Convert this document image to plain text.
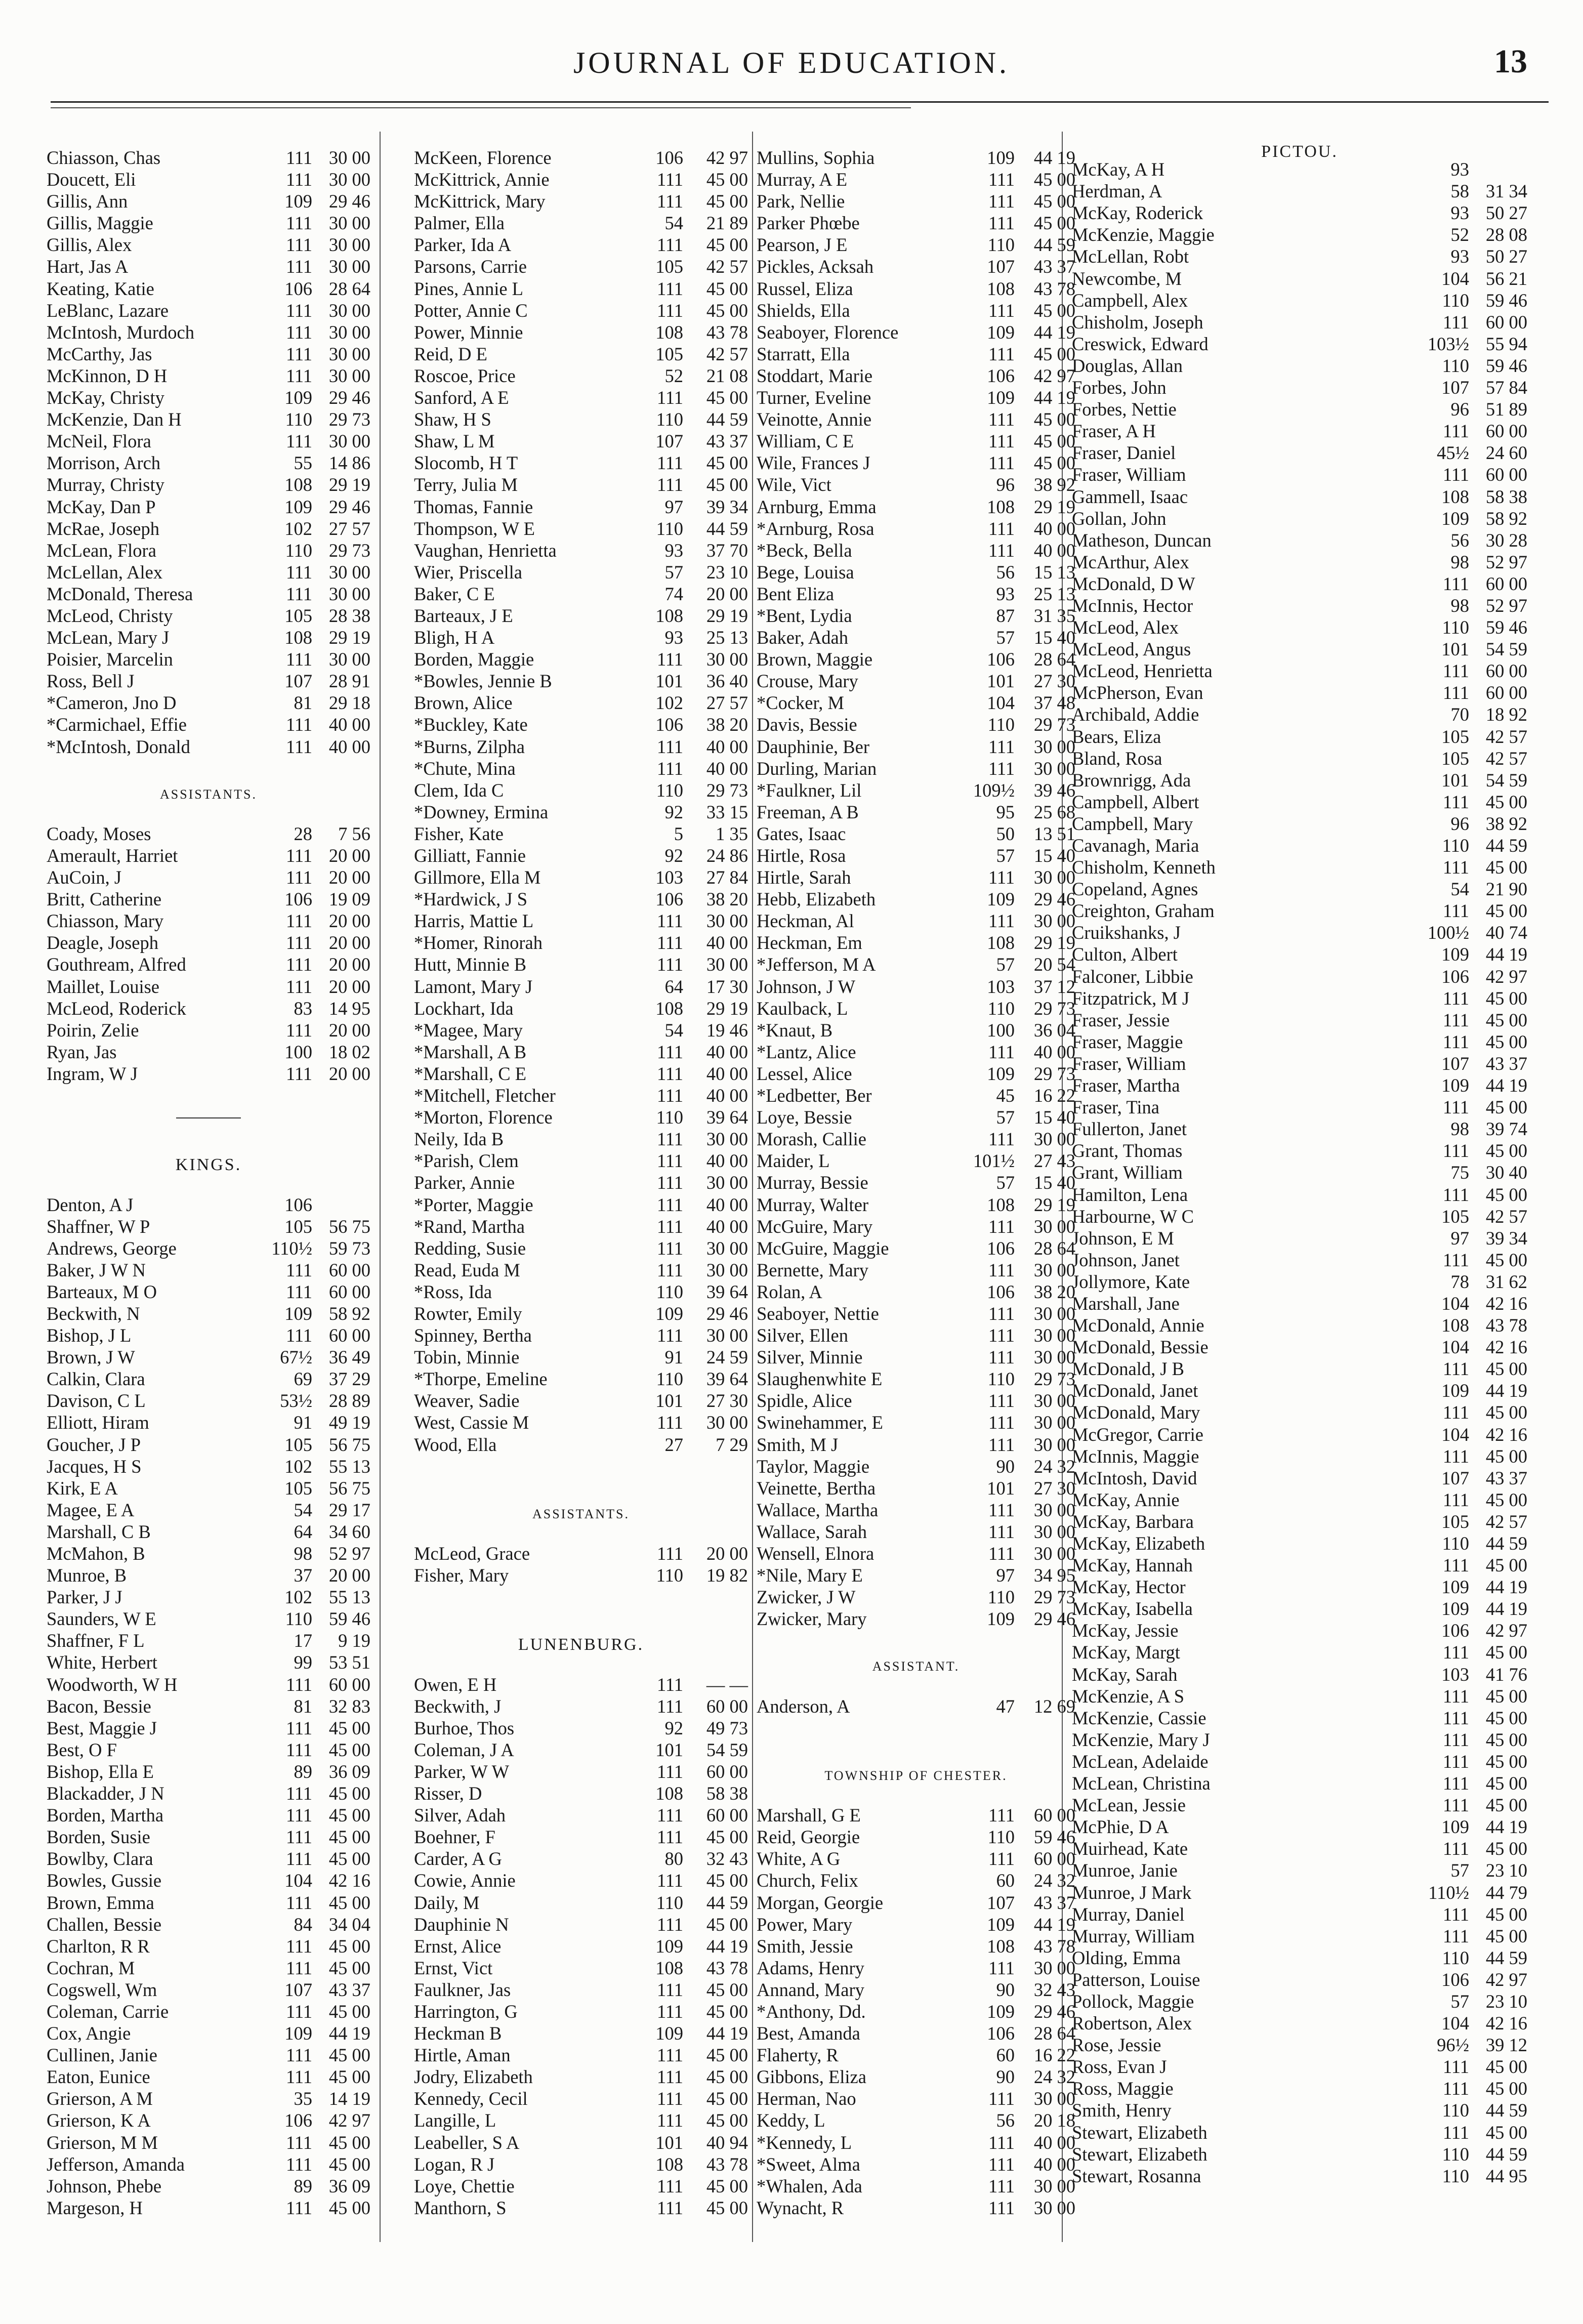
JOURNAL OF EDUCATION.	13
Chiasson, Chas	111 30 00
Doucett, Eli	111 30 00
Gillis, Ann	109 29 46
Gillis, Maggie	111 30 00
Gillis, Alex	111 30 00
Hart, Jas A	111 30 00
Keating, Katie	106 28 64
LeBlanc, Lazare	111 30 00
McIntosh, Murdoch	111 30 00
McCarthy, Jas	111 30 00
McKinnon, D H	111 30 00
McKay, Christy	109 29 46
McKenzie, Dan H	110 29 73
McNeil, Flora	111 30 00
Morrison, Arch	55 14 86
Murray, Christy	108 29 19
McKay, Dan P	109 29 46
McRae, Joseph	102 27 57
McLean, Flora	110 29 73
McLellan, Alex	111 30 00
McDonald, Theresa	111 30 00
McLeod, Christy	105 28 38
McLean, Mary J	108 29 19
Poisier, Marcelin	111 30 00
Ross, Bell J	107 28 91
*Cameron, Jno D	81 29 18
*Carmichael, Effie	111 40 00
*McIntosh, Donald	111 40 00
ASSISTANTS.
Coady, Moses	28	7 56
Amerault, Harriet	111 20 00
AuCoin, J	111 20 00
Britt, Catherine	106 19 09
Chiasson, Mary	111 20 00
Deagle, Joseph	111 20 00
Gouthream, Alfred	111 20 00
Maillet, Louise	111 20 00
McLeod, Roderick	83 14 95
Poirin, Zelie	111 20 00
Ryan, Jas	100 18 02
Ingram, W J	111 20 00
KINGS.
Denton, A J	106
Shaffner, W P	105 56 75
Andrews, George	110½ 59 73
Baker, J W N	111 60 00
Barteaux, M O	111 60 00
Beckwith, N	109 58 92
Bishop, J L	111 60 00
Brown, J W	67½ 36 49
Calkin, Clara	69 37 29
Davison, C L	53½ 28 89
Elliott, Hiram	91 49 19
Goucher, J P	105 56 75
Jacques, H S	102 55 13
Kirk, E A	105 56 75
Magee, E A	54 29 17
Marshall, C B	64 34 60
McMahon, B	98 52 97
Munroe, B	37 20 00
Parker, J J	102 55 13
Saunders, W E	110 59 46
Shaffner, F L	17	9 19
White, Herbert	99 53 51
Woodworth, W H	111 60 00
Bacon, Bessie	81 32 83
Best, Maggie J	111 45 00
Best, O F	111 45 00
Bishop, Ella E	89 36 09
Blackadder, J N	111 45 00
Borden, Martha	111 45 00
Borden, Susie	111 45 00
Bowlby, Clara	111 45 00
Bowles, Gussie	104 42 16
Brown, Emma	111 45 00
Challen, Bessie	84 34 04
Charlton, R R	111 45 00
Cochran, M	111 45 00
Cogswell, Wm	107 43 37
Coleman, Carrie	111 45 00
Cox, Angie	109 44 19
Cullinen, Janie	111 45 00
Eaton, Eunice	111 45 00
Grierson, A M	35 14 19
Grierson, K A	106 42 97
Grierson, M M	111 45 00
Jefferson, Amanda	111 45 00
Johnson, Phebe	89 36 09
Margeson, H	111 45 00
McKeen, Florence	106	42 97
McKittrick, Annie	111	45 00
McKittrick, Mary	111	45 00
Palmer, Ella	54	21 89
Parker, Ida A	111	45 00
Parsons, Carrie	105	42 57
Pines, Annie L	111	45 00
Potter, Annie C	111	45 00
Power, Minnie	108	43 78
Reid, D E	105	42 57
Roscoe, Price	52	21 08
Sanford, A E	111	45 00
Shaw, H S	110	44 59
Shaw, L M	107	43 37
Slocomb, H T	111	45 00
Terry, Julia M	111	45 00
Thomas, Fannie	97	39 34
Thompson, W E	110	44 59
Vaughan, Henrietta	93	37 70
Wier, Priscella	57	23 10
Baker, C E	74	20 00
Barteaux, J E	108	29 19
Bligh, H A	93	25 13
Borden, Maggie	111	30 00
*Bowles, Jennie B	101	36 40
Brown, Alice	102	27 57
*Buckley, Kate	106	38 20
*Burns, Zilpha	111	40 00
*Chute, Mina	111	40 00
Clem, Ida C	110	29 73
*Downey, Ermina	92	33 15
Fisher, Kate	5	1 35
Gilliatt, Fannie	92	24 86
Gillmore, Ella M	103	27 84
*Hardwick, J S	106	38 20
Harris, Mattie L	111	30 00
*Homer, Rinorah	111	40 00
Hutt, Minnie B	111	30 00
Lamont, Mary J	64	17 30
Lockhart, Ida	108	29 19
*Magee, Mary	54	19 46
*Marshall, A B	111	40 00
*Marshall, C E	111	40 00
*Mitchell, Fletcher	111	40 00
*Morton, Florence	110	39 64
Neily, Ida B	111	30 00
*Parish, Clem	111	40 00
Parker, Annie	111	30 00
*Porter, Maggie	111	40 00
*Rand, Martha	111	40 00
Redding, Susie	111	30 00
Read, Euda M	111	30 00
*Ross, Ida	110	39 64
Rowter, Emily	109	29 46
Spinney, Bertha	111	30 00
Tobin, Minnie	91	24 59
*Thorpe, Emeline	110	39 64
Weaver, Sadie	101	27 30
West, Cassie M	111	30 00
Wood, Ella	27	7 29
ASSISTANTS.
McLeod, Grace	111	20 00
Fisher, Mary	110	19 82
LUNENBURG.
Owen, E H	111	— —
Beckwith, J	111	60 00
Burhoe, Thos	92	49 73
Coleman, J A	101	54 59
Parker, W W	111	60 00
Risser, D	108	58 38
Silver, Adah	111	60 00
Boehner, F	111	45 00
Carder, A G	80	32 43
Cowie, Annie	111	45 00
Daily, M	110	44 59
Dauphinie N	111	45 00
Ernst, Alice	109	44 19
Ernst, Vict	108	43 78
Faulkner, Jas	111	45 00
Harrington, G	111	45 00
Heckman B	109	44 19
Hirtle, Aman	111	45 00
Jodry, Elizabeth	111	45 00
Kennedy, Cecil	111	45 00
Langille, L	111	45 00
Leabeller, S A	101	40 94
Logan, R J	108	43 78
Loye, Chettie	111	45 00
Manthorn, S	111	45 00
Mullins, Sophia	109	44 19
Murray, A E	111	45 00
Park, Nellie	111	45 00
Parker Phœbe	111	45 00
Pearson, J E	110	44 59
Pickles, Acksah	107	43 37
Russel, Eliza	108	43 78
Shields, Ella	111	45 00
Seaboyer, Florence	109	44 19
Starratt, Ella	111	45 00
Stoddart, Marie	106	42 97
Turner, Eveline	109	44 19
Veinotte, Annie	111	45 00
William, C E	111	45 00
Wile, Frances J	111	45 00
Wile, Vict	96	38 92
Arnburg, Emma	108	29 19
*Arnburg, Rosa	111	40 00
*Beck, Bella	111	40 00
Bege, Louisa	56	15 13
Bent Eliza	93	25 13
*Bent, Lydia	87	31 35
Baker, Adah	57	15 40
Brown, Maggie	106	28 64
Crouse, Mary	101	27 30
*Cocker, M	104	37 48
Davis, Bessie	110	29 73
Dauphinie, Ber	111	30 00
Durling, Marian	111	30 00
*Faulkner, Lil	109½	39 46
Freeman, A B	95	25 68
Gates, Isaac	50	13 51
Hirtle, Rosa	57	15 40
Hirtle, Sarah	111	30 00
Hebb, Elizabeth	109	29 46
Heckman, Al	111	30 00
Heckman, Em	108	29 19
*Jefferson, M A	57	20 54
Johnson, J W	103	37 12
Kaulback, L	110	29 73
*Knaut, B	100	36 04
*Lantz, Alice	111	40 00
Lessel, Alice	109	29 73
*Ledbetter, Ber	45	16 22
Loye, Bessie	57	15 40
Morash, Callie	111	30 00
Maider, L	101½	27 43
Murray, Bessie	57	15 40
Murray, Walter	108	29 19
McGuire, Mary	111	30 00
McGuire, Maggie	106	28 64
Bernette, Mary	111	30 00
Rolan, A	106	38 20
Seaboyer, Nettie	111	30 00
Silver, Ellen	111	30 00
Silver, Minnie	111	30 00
Slaughenwhite E	110	29 73
Spidle, Alice	111	30 00
Swinehammer, E	111	30 00
Smith, M J	111	30 00
Taylor, Maggie	90	24 32
Veinette, Bertha	101	27 30
Wallace, Martha	111	30 00
Wallace, Sarah	111	30 00
Wensell, Elnora	111	30 00
*Nile, Mary E	97	34 95
Zwicker, J W	110	29 73
Zwicker, Mary	109	29 46
ASSISTANT.
Anderson, A	47	12 69
TOWNSHIP OF CHESTER.
Marshall, G E	111	60 00
Reid, Georgie	110	59 46
White, A G	111	60 00
Church, Felix	60	24 32
Morgan, Georgie	107	43 37
Power, Mary	109	44 19
Smith, Jessie	108	43 78
Adams, Henry	111	30 00
Annand, Mary	90	32 43
*Anthony, Dd.	109	29 46
Best, Amanda	106	28 64
Flaherty, R	60	16 22
Gibbons, Eliza	90	24 32
Herman, Nao	111	30 00
Keddy, L	56	20 18
*Kennedy, L	111	40 00
*Sweet, Alma	111	40 00
*Whalen, Ada	111	30 00
Wynacht, R	111	30 00
PICTOU.
McKay, A H	93
Herdman, A	58 31 34
McKay, Roderick	93 50 27
McKenzie, Maggie	52 28 08
McLellan, Robt	93 50 27
Newcombe, M	104 56 21
Campbell, Alex	110 59 46
Chisholm, Joseph	111 60 00
Creswick, Edward	103½ 55 94
Douglas, Allan	110 59 46
Forbes, John	107 57 84
Forbes, Nettie	96 51 89
Fraser, A H	111 60 00
Fraser, Daniel	45½ 24 60
Fraser, William	111 60 00
Gammell, Isaac	108 58 38
Gollan, John	109 58 92
Matheson, Duncan	56 30 28
McArthur, Alex	98 52 97
McDonald, D W	111 60 00
McInnis, Hector	98 52 97
McLeod, Alex	110 59 46
McLeod, Angus	101 54 59
McLeod, Henrietta	111 60 00
McPherson, Evan	111 60 00
Archibald, Addie	70 18 92
Bears, Eliza	105 42 57
Bland, Rosa	105 42 57
Brownrigg, Ada	101 54 59
Campbell, Albert	111 45 00
Campbell, Mary	96 38 92
Cavanagh, Maria	110 44 59
Chisholm, Kenneth	111 45 00
Copeland, Agnes	54 21 90
Creighton, Graham	111 45 00
Cruikshanks, J	100½ 40 74
Culton, Albert	109 44 19
Falconer, Libbie	106 42 97
Fitzpatrick, M J	111 45 00
Fraser, Jessie	111 45 00
Fraser, Maggie	111 45 00
Fraser, William	107 43 37
Fraser, Martha	109 44 19
Fraser, Tina	111 45 00
Fullerton, Janet	98 39 74
Grant, Thomas	111 45 00
Grant, William	75 30 40
Hamilton, Lena	111 45 00
Harbourne, W C	105 42 57
Johnson, E M	97 39 34
Johnson, Janet	111 45 00
Jollymore, Kate	78 31 62
Marshall, Jane	104 42 16
McDonald, Annie	108 43 78
McDonald, Bessie	104 42 16
McDonald, J B	111 45 00
McDonald, Janet	109 44 19
McDonald, Mary	111 45 00
McGregor, Carrie	104 42 16
McInnis, Maggie	111 45 00
McIntosh, David	107 43 37
McKay, Annie	111 45 00
McKay, Barbara	105 42 57
McKay, Elizabeth	110 44 59
McKay, Hannah	111 45 00
McKay, Hector	109 44 19
McKay, Isabella	109 44 19
McKay, Jessie	106 42 97
McKay, Margt	111 45 00
McKay, Sarah	103 41 76
McKenzie, A S	111 45 00
McKenzie, Cassie	111 45 00
McKenzie, Mary J	111 45 00
McLean, Adelaide	111 45 00
McLean, Christina	111 45 00
McLean, Jessie	111 45 00
McPhie, D A	109 44 19
Muirhead, Kate	111 45 00
Munroe, Janie	57 23 10
Munroe, J Mark	110½ 44 79
Murray, Daniel	111 45 00
Murray, William	111 45 00
Olding, Emma	110 44 59
Patterson, Louise	106 42 97
Pollock, Maggie	57 23 10
Robertson, Alex	104 42 16
Rose, Jessie	96½ 39 12
Ross, Evan J	111 45 00
Ross, Maggie	111 45 00
Smith, Henry	110 44 59
Stewart, Elizabeth	111 45 00
Stewart, Elizabeth	110 44 59
Stewart, Rosanna	110 44 95
